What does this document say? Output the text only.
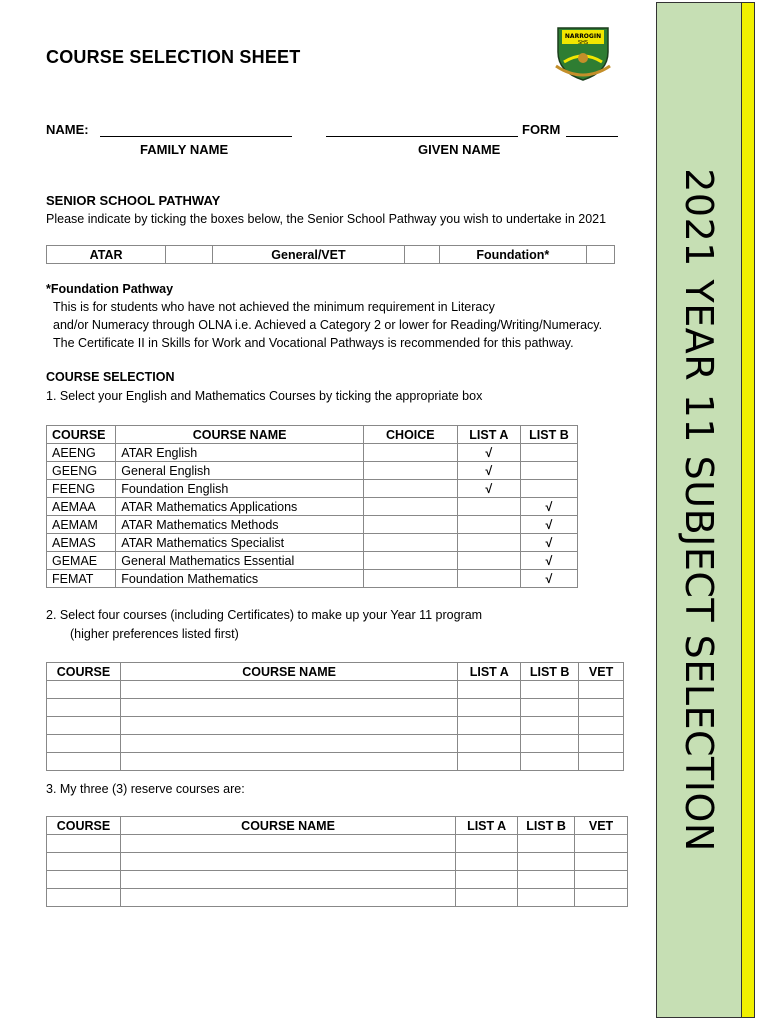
COURSE SELECTION SHEET
NARROGIN
SHS
2021 YEAR 11 SUBJECT SELECTION
NAME:	FORM
FAMILY NAME	GIVEN NAME
SENIOR SCHOOL PATHWAY
Please indicate by ticking the boxes below, the Senior School Pathway you wish to undertake in 2021
ATAR		General/VET		Foundation*	
*Foundation Pathway
This is for students who have not achieved the minimum requirement in Literacy
and/or Numeracy through OLNA i.e. Achieved a Category 2 or lower for Reading/Writing/Numeracy.
The Certificate II in Skills for Work and Vocational Pathways is recommended for this pathway.
COURSE SELECTION
1. Select your English and Mathematics Courses by ticking the appropriate box
COURSE	COURSE NAME	CHOICE	LIST A	LIST B
AEENG	ATAR English		√	
GEENG	General English		√	
FEENG	Foundation English		√	
AEMAA	ATAR Mathematics Applications			√
AEMAM	ATAR Mathematics Methods			√
AEMAS	ATAR Mathematics Specialist			√
GEMAE	General Mathematics Essential			√
FEMAT	Foundation Mathematics			√
2. Select four courses (including Certificates) to make up your Year 11 program
(higher preferences listed first)
COURSE	COURSE NAME	LIST A	LIST B	VET

3. My three (3) reserve courses are:
COURSE	COURSE NAME	LIST A	LIST B	VET
